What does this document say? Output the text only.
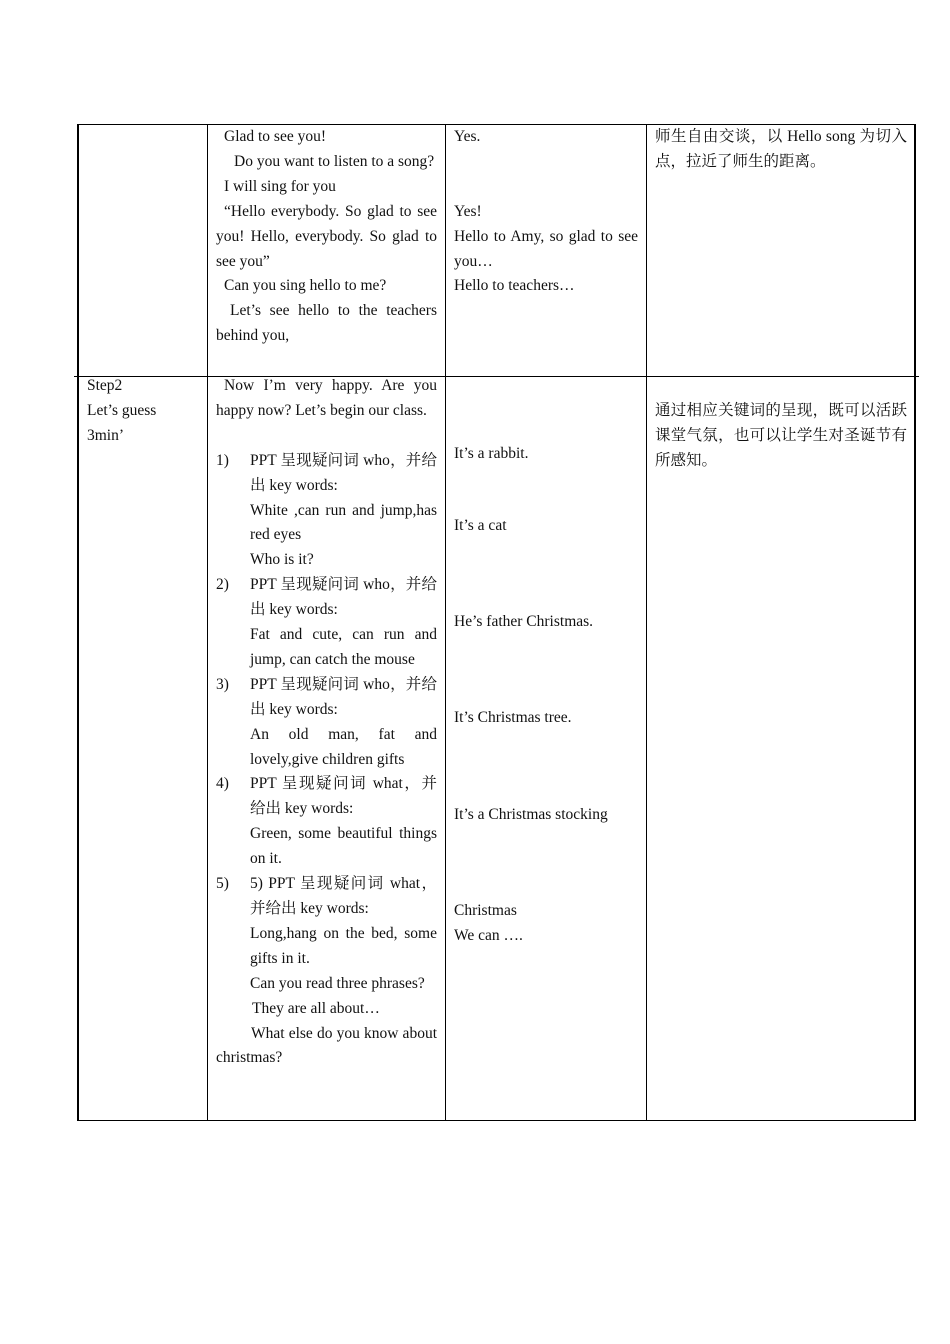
Glad to see you!

Do you want to listen to a song?

I will sing for you

“Hello everybody. So glad to see you! Hello, everybody. So glad to see you”

Can you sing hello to me?

Let’s see hello to the teachers behind you,

Yes.

Yes!

Hello to Amy, so glad to see you…

Hello to teachers…

师生自由交谈，以 Hello song 为切入点，拉近了师生的距离。

Step2

Let’s guess

3min’

Now I’m very happy. Are you happy now? Let’s begin our class.

1) PPT 呈现疑问词 who，并给出 key words:

White ,can run and jump,has red eyes

Who is it?

2) PPT 呈现疑问词 who，并给出 key words:

Fat and cute, can run and jump, can catch the mouse

3) PPT 呈现疑问词 who，并给出 key words:

An old man, fat and lovely,give children gifts

4) PPT 呈现疑问词 what，并给出 key words:

Green, some beautiful things on it.

5) 5) PPT 呈现疑问词 what，并给出 key words:

Long,hang on the bed, some gifts in it.

Can you read three phrases?

They are all about…

What else do you know about christmas?

It’s a rabbit.

It’s a cat

He’s father Christmas.

It’s Christmas tree.

It’s a Christmas stocking

Christmas

We can ….

通过相应关键词的呈现，既可以活跃课堂气氛，也可以让学生对圣诞节有所感知。
